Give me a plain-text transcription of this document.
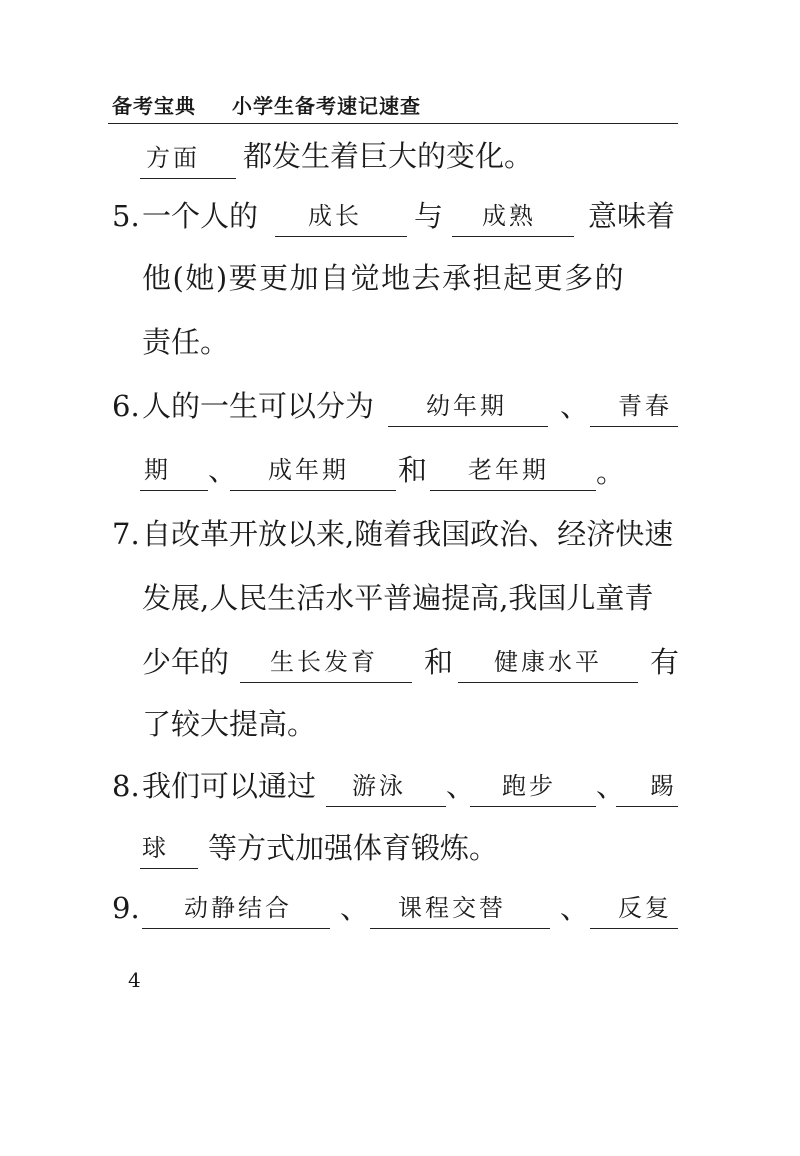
备考宝典 小学生备考速记速查
方面 都发生着巨大的变化。
5. 一个人的 成长 与 成熟 意味着
他(她)要更加自觉地去承担起更多的
责任。
6. 人的一生可以分为 幼年期 、 青春
期 、 成年期 和 老年期 。
7. 自改革开放以来,随着我国政治、经济快速
发展,人民生活水平普遍提高,我国儿童青
少年的 生长发育 和 健康水平 有
了较大提高。
8. 我们可以通过 游泳 、 跑步 、 踢
球 等方式加强体育锻炼。
9. 动静结合 、 课程交替 、 反复
4
